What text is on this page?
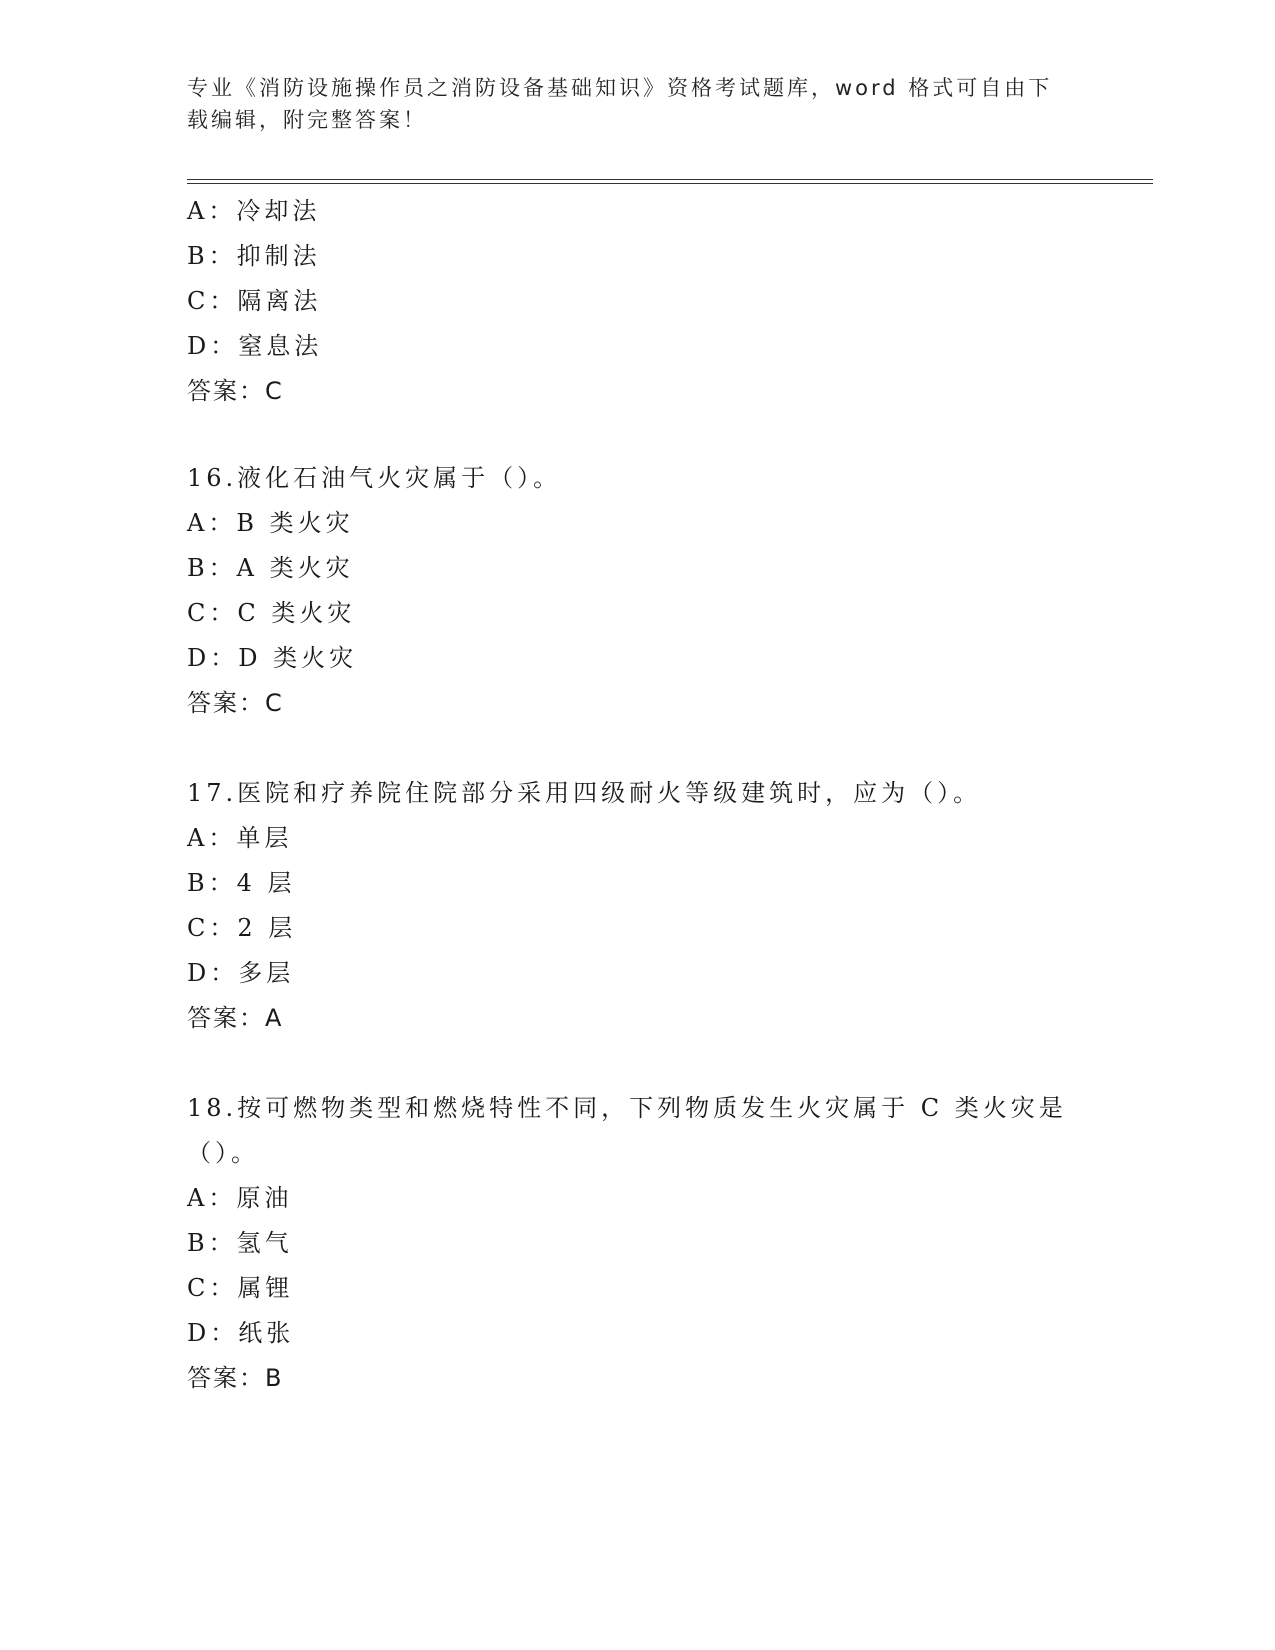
专业《消防设施操作员之消防设备基础知识》资格考试题库，word 格式可自由下
载编辑，附完整答案！
A：冷却法
B：抑制法
C：隔离法
D：窒息法
答案：C
16.液化石油气火灾属于（）。
A：B 类火灾
B：A 类火灾
C：C 类火灾
D：D 类火灾
答案：C
17.医院和疗养院住院部分采用四级耐火等级建筑时，应为（）。
A：单层
B：4 层
C：2 层
D：多层
答案：A
18.按可燃物类型和燃烧特性不同，下列物质发生火灾属于 C 类火灾是
（）。
A：原油
B：氢气
C：属锂
D：纸张
答案：B
